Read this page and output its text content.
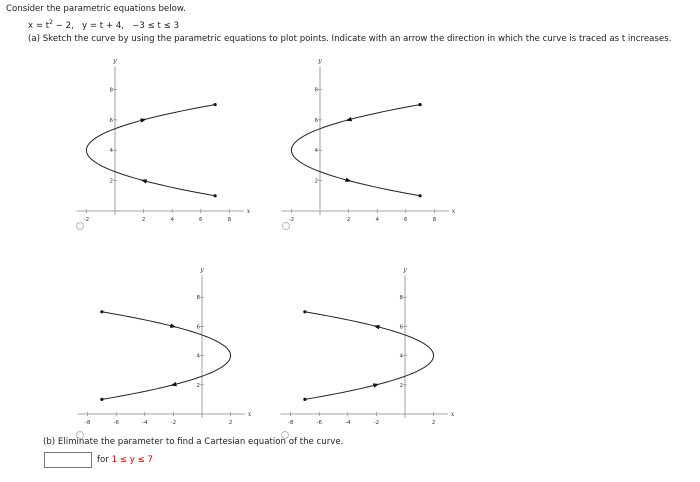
Consider the parametric equations below.
$x = t^2 - 2$, y = t + 4, −3 ≤ t ≤ 3
(a) Sketch the curve by using the parametric equations to plot points. Indicate with an arrow the direction in which the curve is traced as t increases.
-2	2	4	6	8
2
4
6
8
x
y
-2	2	4	6	8
2
4
6
8
x
y
-8	-6	-4	-2	2
2
4
6
8
x
y
-8	-6	-4	-2	2
2
4
6
8
x
y
(b) Eliminate the parameter to find a Cartesian equation of the curve.
for 1 ≤ y ≤ 7
